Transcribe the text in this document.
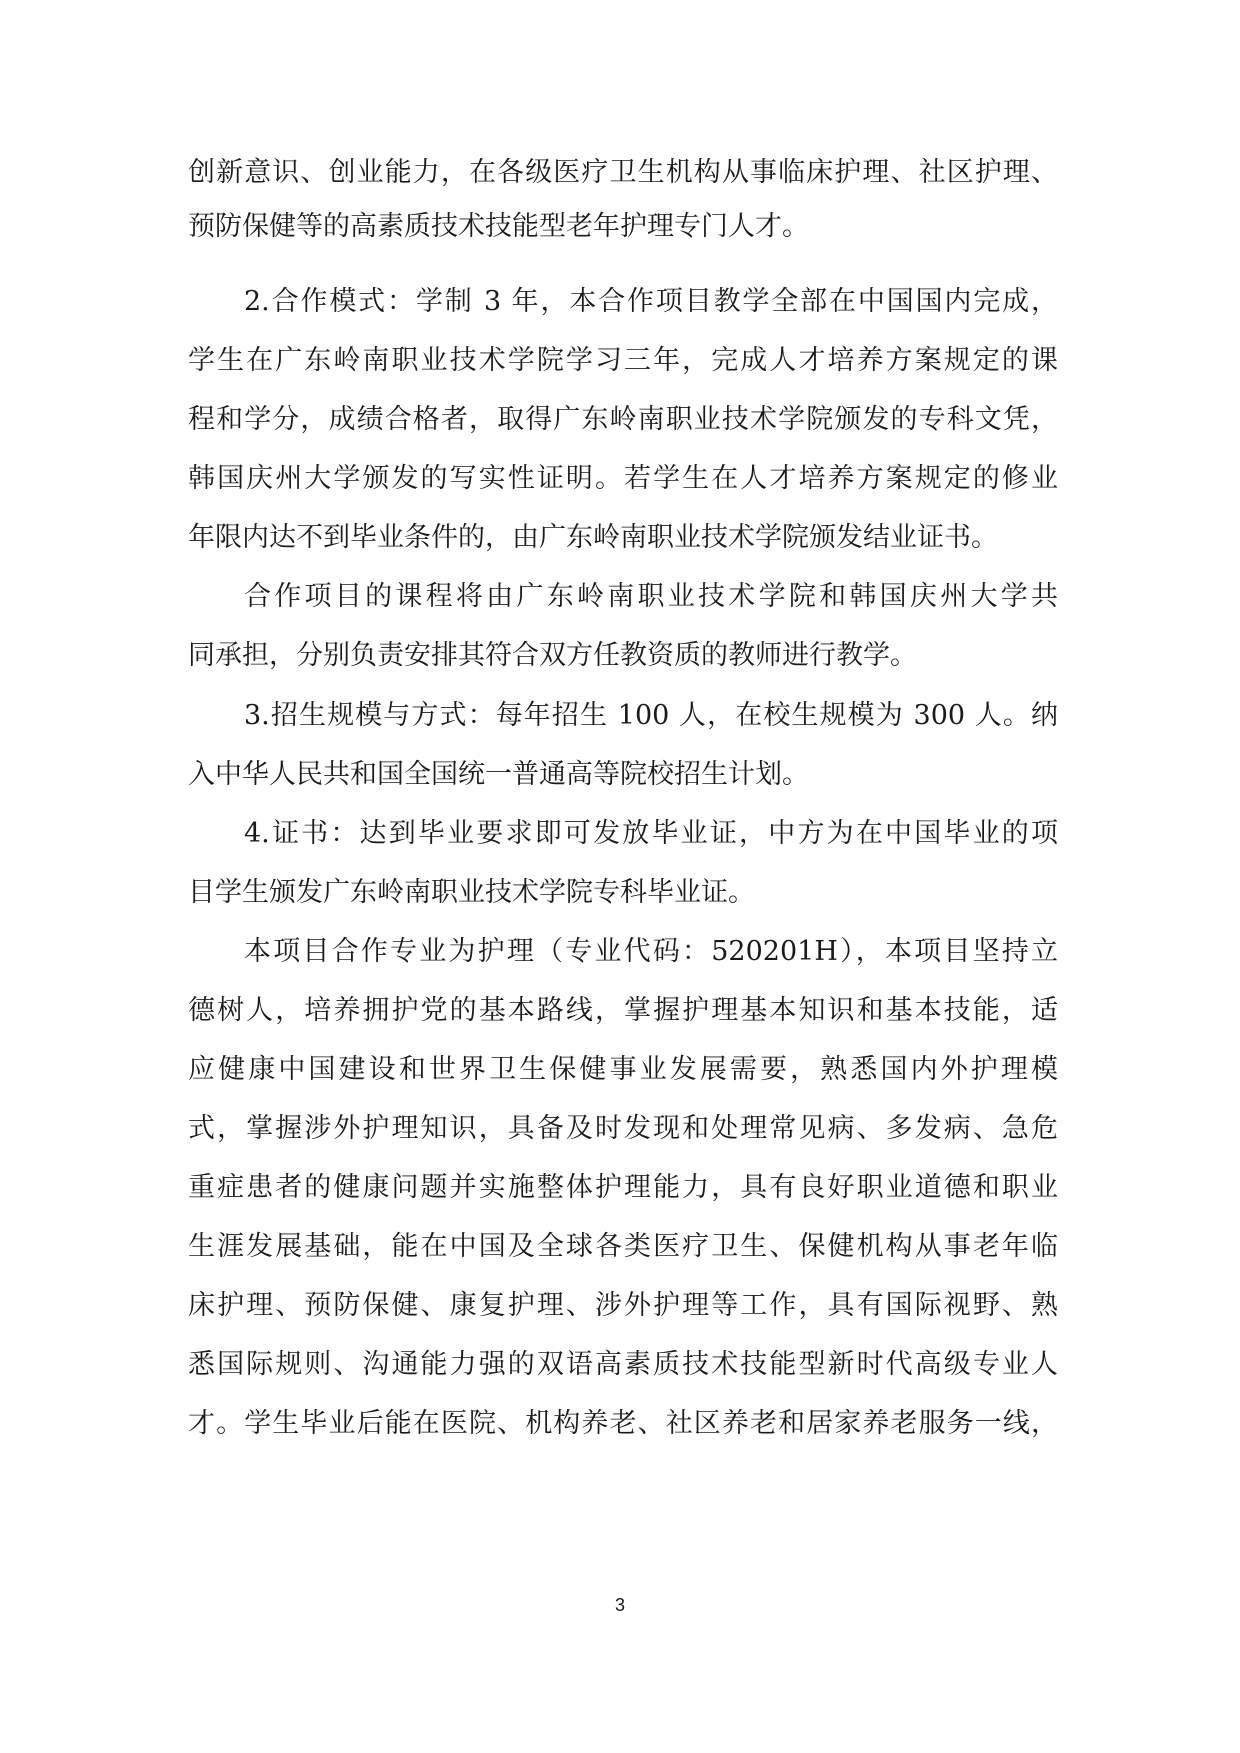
创新意识、创业能力，在各级医疗卫生机构从事临床护理、社区护理、
预防保健等的高素质技术技能型老年护理专门人才。
2.合作模式：学制 3 年，本合作项目教学全部在中国国内完成，
学生在广东岭南职业技术学院学习三年，完成人才培养方案规定的课
程和学分，成绩合格者，取得广东岭南职业技术学院颁发的专科文凭，
韩国庆州大学颁发的写实性证明。若学生在人才培养方案规定的修业
年限内达不到毕业条件的，由广东岭南职业技术学院颁发结业证书。
合作项目的课程将由广东岭南职业技术学院和韩国庆州大学共
同承担，分别负责安排其符合双方任教资质的教师进行教学。
3.招生规模与方式：每年招生 100 人，在校生规模为 300 人。纳
入中华人民共和国全国统一普通高等院校招生计划。
4.证书：达到毕业要求即可发放毕业证，中方为在中国毕业的项
目学生颁发广东岭南职业技术学院专科毕业证。
本项目合作专业为护理（专业代码：520201H），本项目坚持立
德树人，培养拥护党的基本路线，掌握护理基本知识和基本技能，适
应健康中国建设和世界卫生保健事业发展需要，熟悉国内外护理模
式，掌握涉外护理知识，具备及时发现和处理常见病、多发病、急危
重症患者的健康问题并实施整体护理能力，具有良好职业道德和职业
生涯发展基础，能在中国及全球各类医疗卫生、保健机构从事老年临
床护理、预防保健、康复护理、涉外护理等工作，具有国际视野、熟
悉国际规则、沟通能力强的双语高素质技术技能型新时代高级专业人
才。学生毕业后能在医院、机构养老、社区养老和居家养老服务一线，
3
